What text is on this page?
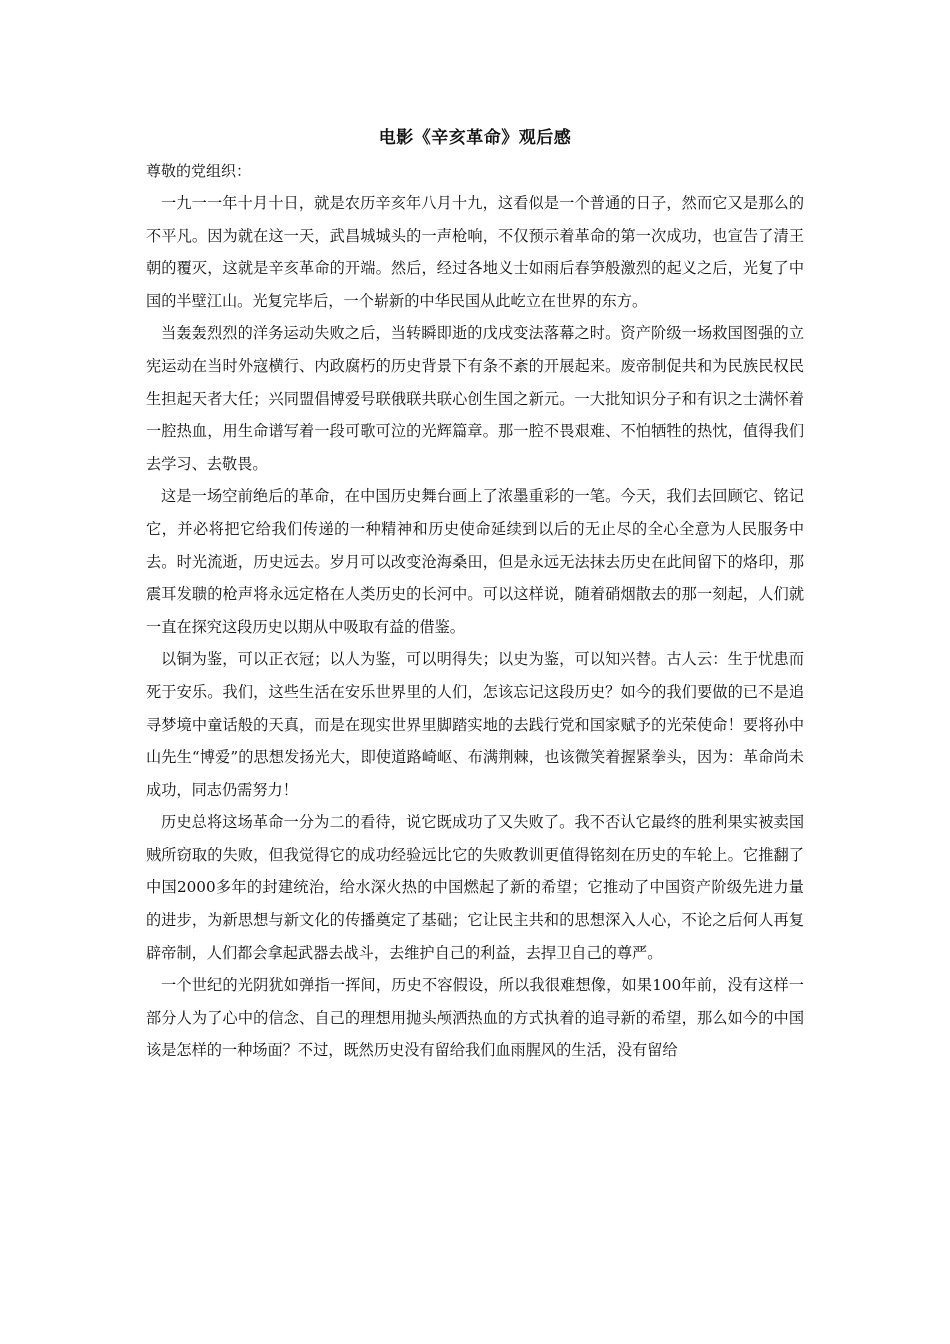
电影《辛亥革命》观后感

尊敬的党组织：

一九一一年十月十日，就是农历辛亥年八月十九，这看似是一个普通的日子，然而它又是那么的不平凡。因为就在这一天，武昌城城头的一声枪响，不仅预示着革命的第一次成功，也宣告了清王朝的覆灭，这就是辛亥革命的开端。然后，经过各地义士如雨后春笋般激烈的起义之后，光复了中国的半壁江山。光复完毕后，一个崭新的中华民国从此屹立在世界的东方。

当轰轰烈烈的洋务运动失败之后，当转瞬即逝的戊戌变法落幕之时。资产阶级一场救国图强的立宪运动在当时外寇横行、内政腐朽的历史背景下有条不紊的开展起来。废帝制促共和为民族民权民生担起天者大任；兴同盟倡博爱号联俄联共联心创生国之新元。一大批知识分子和有识之士满怀着一腔热血，用生命谱写着一段可歌可泣的光辉篇章。那一腔不畏艰难、不怕牺牲的热忱，值得我们去学习、去敬畏。

这是一场空前绝后的革命，在中国历史舞台画上了浓墨重彩的一笔。今天，我们去回顾它、铭记它，并必将把它给我们传递的一种精神和历史使命延续到以后的无止尽的全心全意为人民服务中去。时光流逝，历史远去。岁月可以改变沧海桑田，但是永远无法抹去历史在此间留下的烙印，那震耳发聩的枪声将永远定格在人类历史的长河中。可以这样说，随着硝烟散去的那一刻起，人们就一直在探究这段历史以期从中吸取有益的借鉴。

以铜为鉴，可以正衣冠；以人为鉴，可以明得失；以史为鉴，可以知兴替。古人云：生于忧患而死于安乐。我们，这些生活在安乐世界里的人们，怎该忘记这段历史？如今的我们要做的已不是追寻梦境中童话般的天真，而是在现实世界里脚踏实地的去践行党和国家赋予的光荣使命！要将孙中山先生“博爱”的思想发扬光大，即使道路崎岖、布满荆棘，也该微笑着握紧拳头，因为：革命尚未成功，同志仍需努力！

历史总将这场革命一分为二的看待，说它既成功了又失败了。我不否认它最终的胜利果实被卖国贼所窃取的失败，但我觉得它的成功经验远比它的失败教训更值得铭刻在历史的车轮上。它推翻了中国2000多年的封建统治，给水深火热的中国燃起了新的希望；它推动了中国资产阶级先进力量的进步，为新思想与新文化的传播奠定了基础；它让民主共和的思想深入人心，不论之后何人再复辟帝制，人们都会拿起武器去战斗，去维护自己的利益，去捍卫自己的尊严。

一个世纪的光阴犹如弹指一挥间，历史不容假设，所以我很难想像，如果100年前，没有这样一部分人为了心中的信念、自己的理想用抛头颅洒热血的方式执着的追寻新的希望，那么如今的中国该是怎样的一种场面？不过，既然历史没有留给我们血雨腥风的生活，没有留给
